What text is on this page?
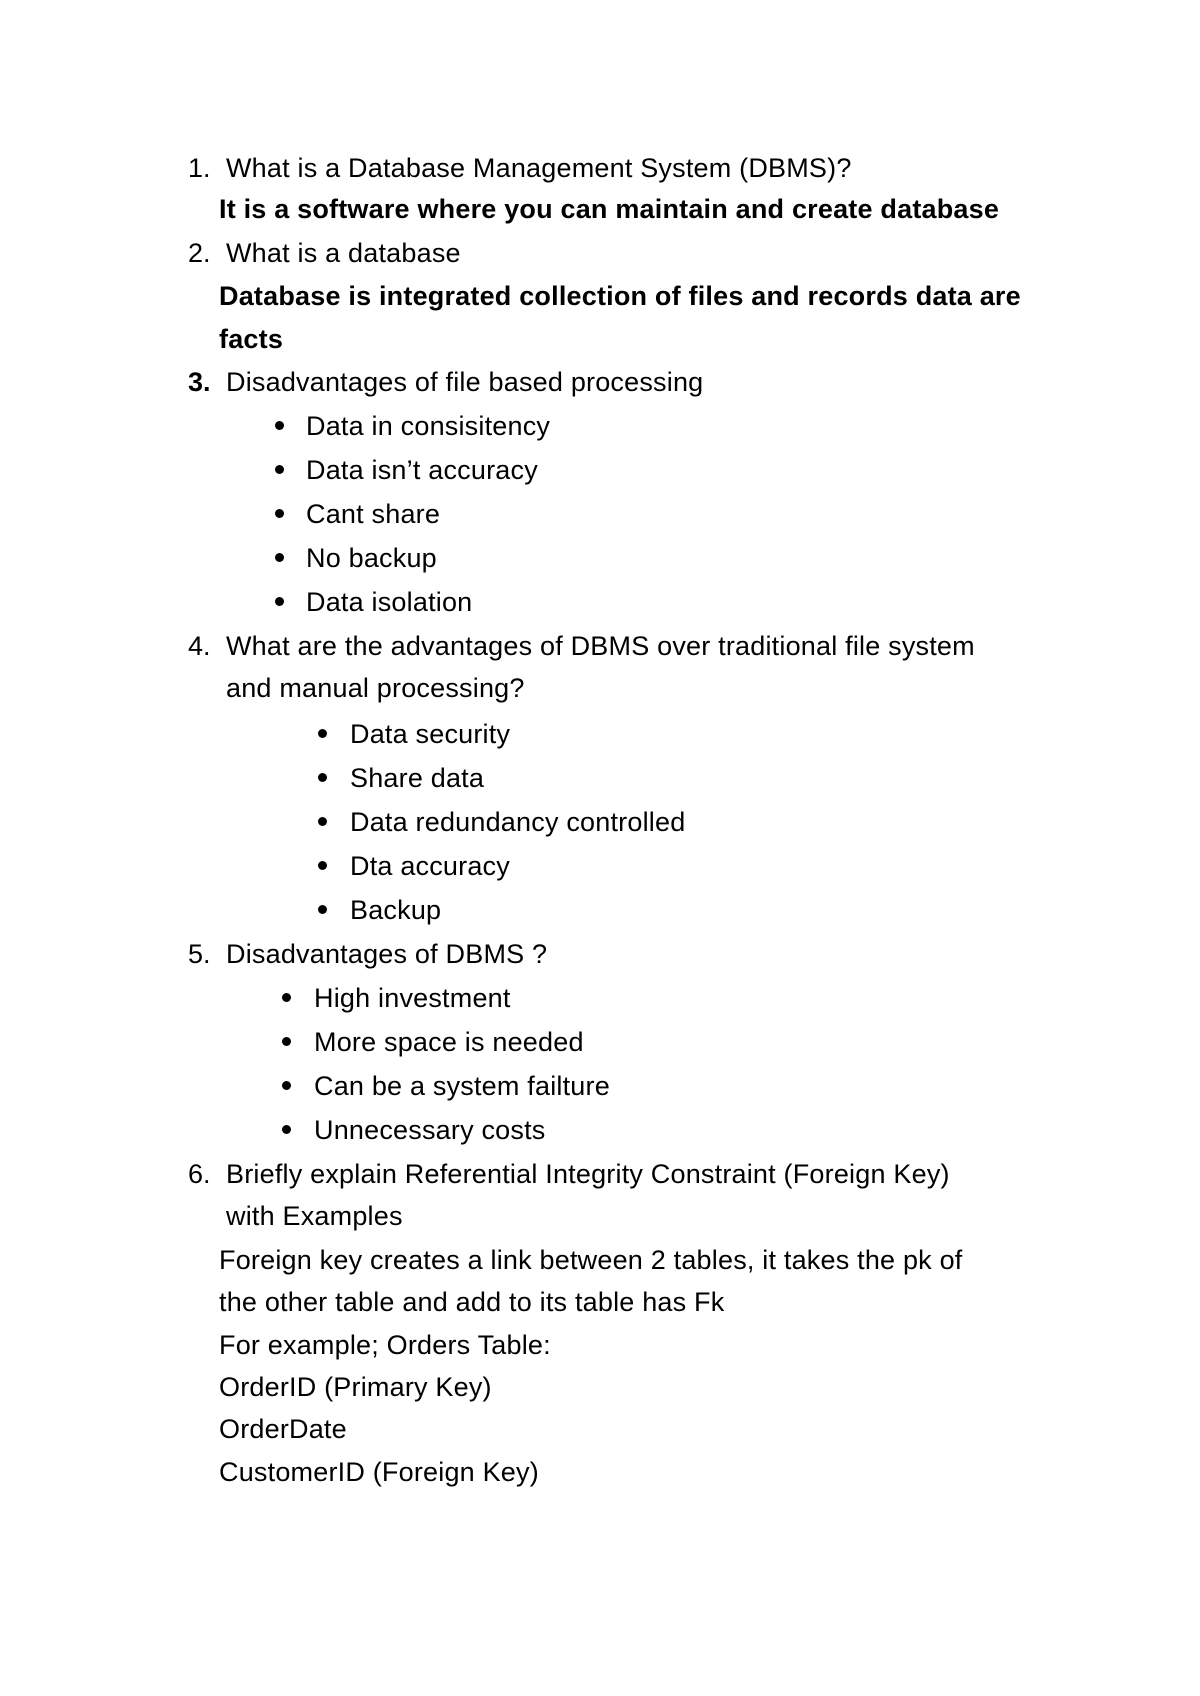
1. What is a Database Management System (DBMS)?
It is a software where you can maintain and create database
2. What is a database
Database is integrated collection of files and records data are
facts
3. Disadvantages of file based processing
Data in consisitency
Data isn’t accuracy
Cant share
No backup
Data isolation
4. What are the advantages of DBMS over traditional file system
and manual processing?
Data security
Share data
Data redundancy controlled
Dta accuracy
Backup
5. Disadvantages of DBMS ?
High investment
More space is needed
Can be a system failture
Unnecessary costs
6. Briefly explain Referential Integrity Constraint (Foreign Key)
with Examples
Foreign key creates a link between 2 tables, it takes the pk of
the other table and add to its table has Fk
For example; Orders Table:
OrderID (Primary Key)
OrderDate
CustomerID (Foreign Key)
